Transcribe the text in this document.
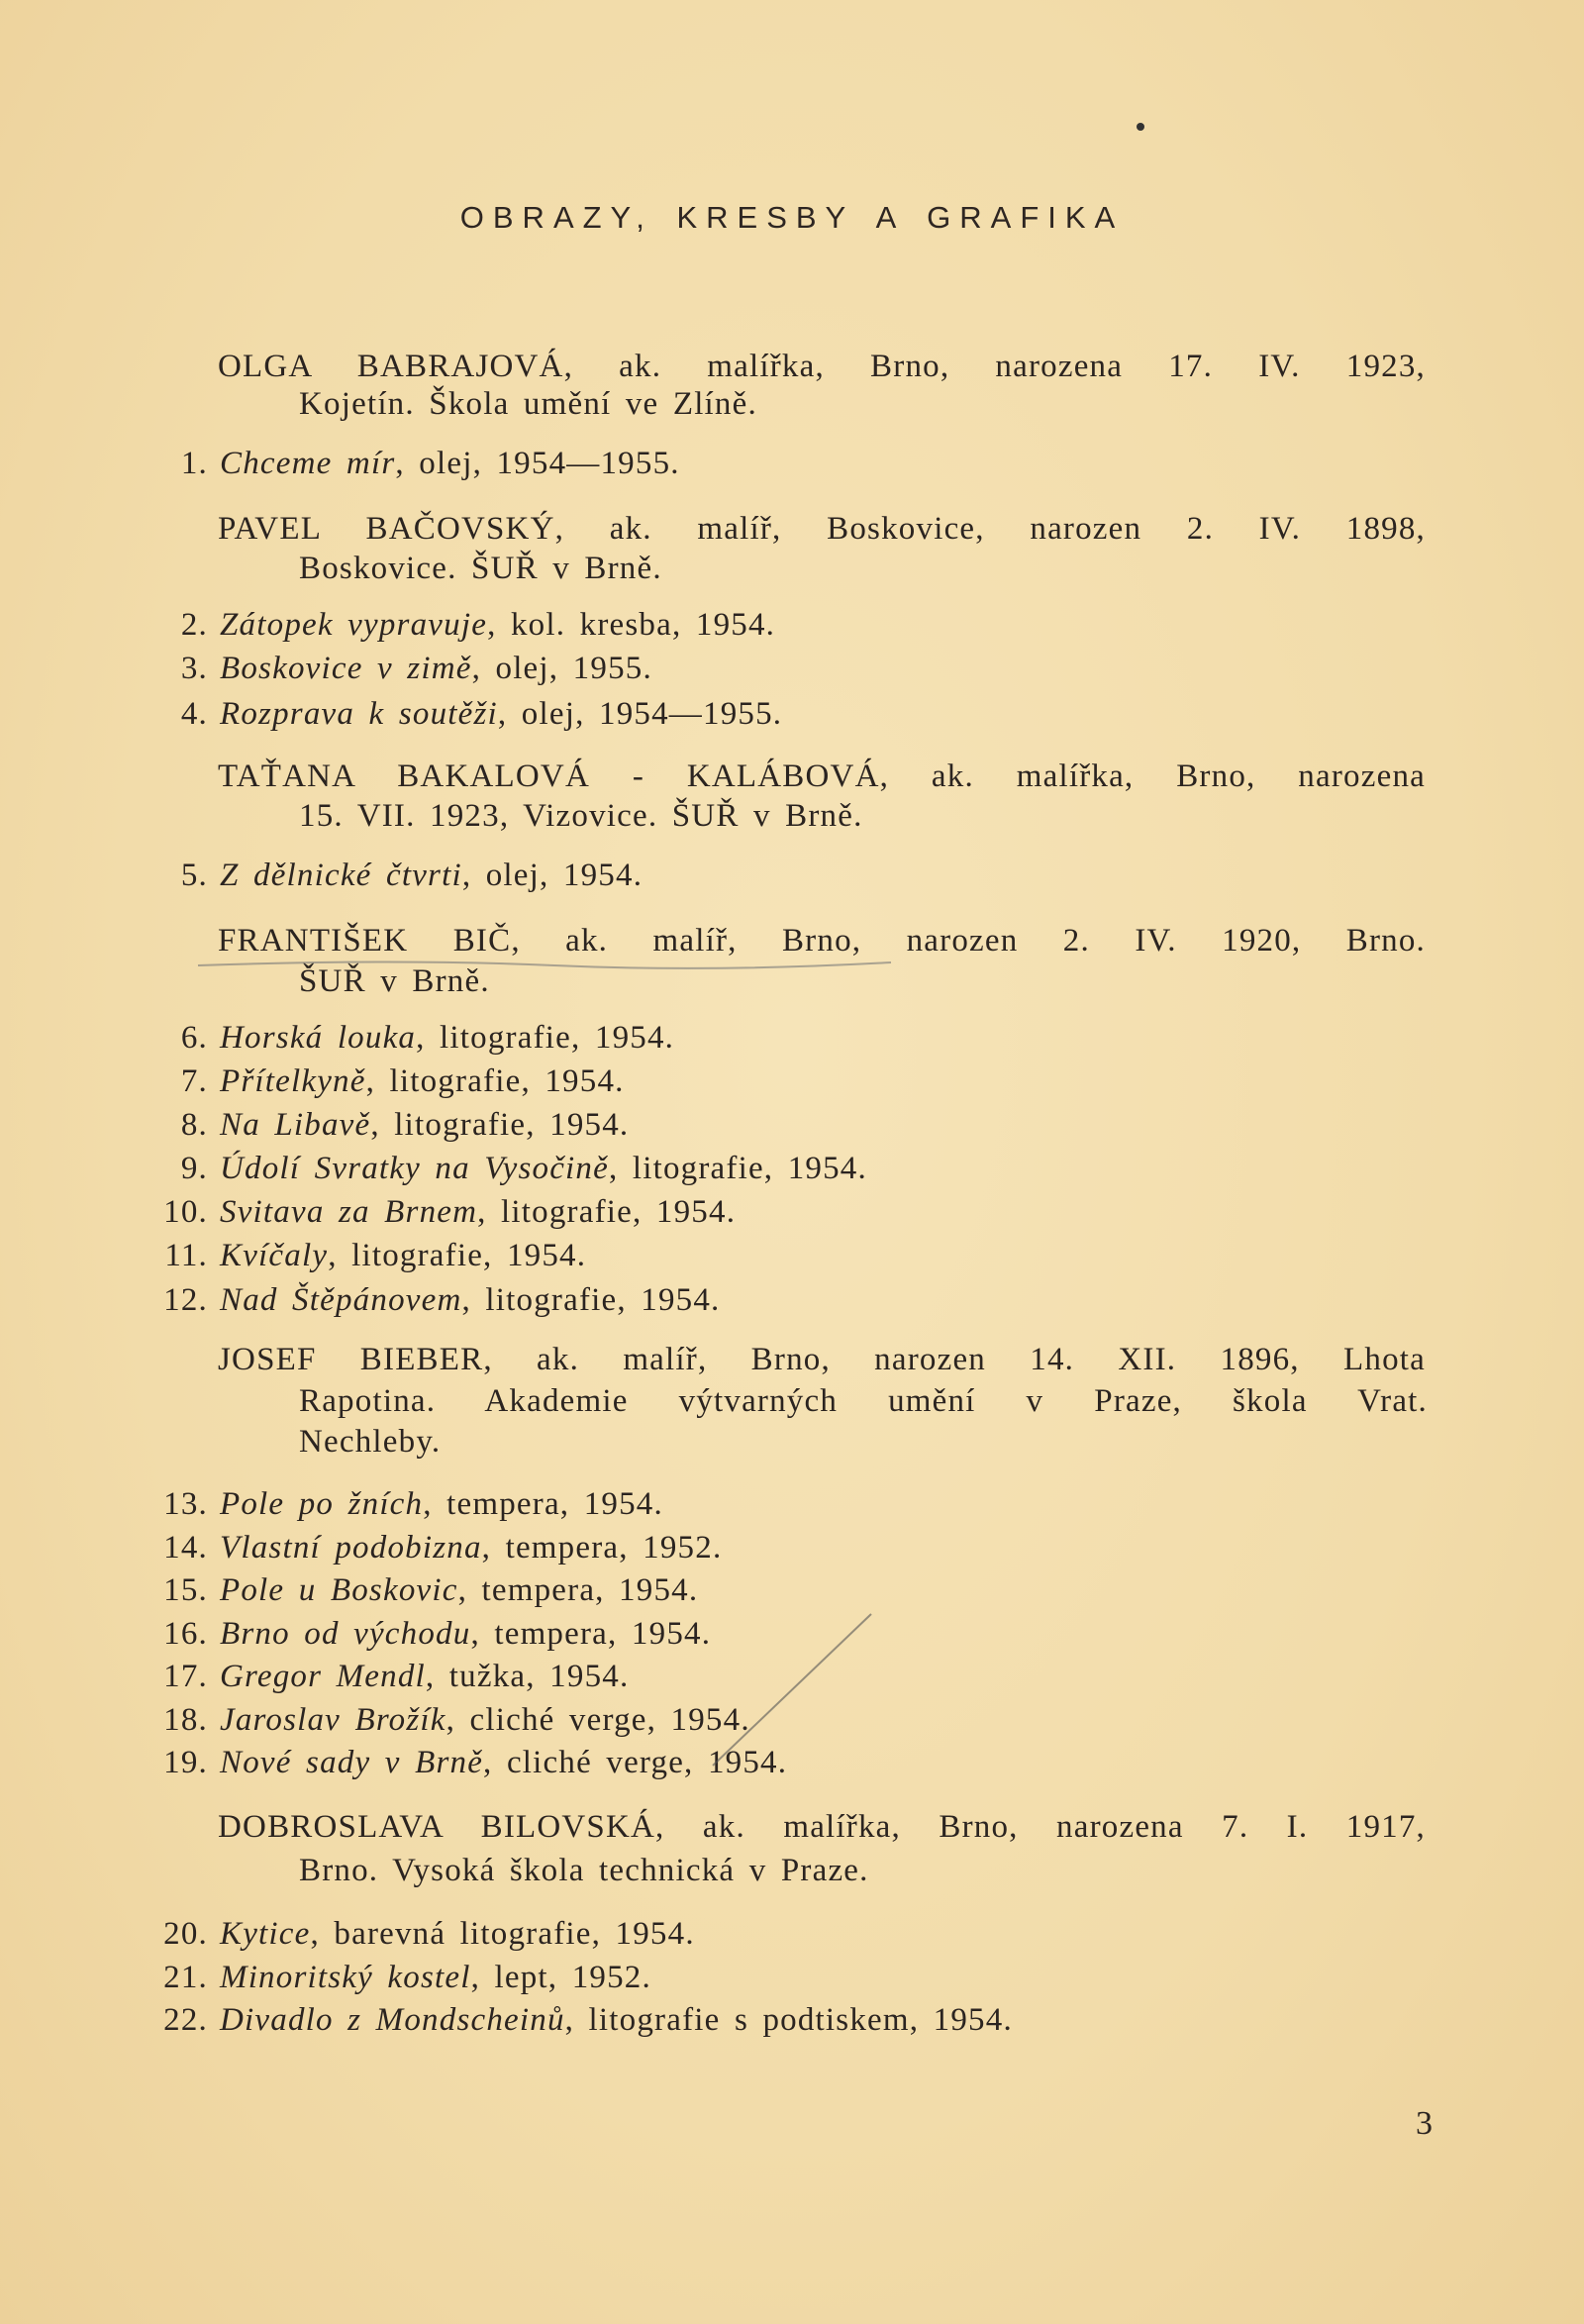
OBRAZY, KRESBY A GRAFIKA
OLGA BABRAJOVÁ, ak. malířka, Brno, narozena 17. IV. 1923,
Kojetín. Škola umění ve Zlíně.
1. Chceme mír, olej, 1954—1955.
PAVEL BAČOVSKÝ, ak. malíř, Boskovice, narozen 2. IV. 1898,
Boskovice. ŠUŘ v Brně.
2. Zátopek vypravuje, kol. kresba, 1954.
3. Boskovice v zimě, olej, 1955.
4. Rozprava k soutěži, olej, 1954—1955.
TAŤANA BAKALOVÁ - KALÁBOVÁ, ak. malířka, Brno, narozena
15. VII. 1923, Vizovice. ŠUŘ v Brně.
5. Z dělnické čtvrti, olej, 1954.
FRANTIŠEK BIČ, ak. malíř, Brno, narozen 2. IV. 1920, Brno.
ŠUŘ v Brně.
6. Horská louka, litografie, 1954.
7. Přítelkyně, litografie, 1954.
8. Na Libavě, litografie, 1954.
9. Údolí Svratky na Vysočině, litografie, 1954.
10. Svitava za Brnem, litografie, 1954.
11. Kvíčaly, litografie, 1954.
12. Nad Štěpánovem, litografie, 1954.
JOSEF BIEBER, ak. malíř, Brno, narozen 14. XII. 1896, Lhota
Rapotina. Akademie výtvarných umění v Praze, škola Vrat.
Nechleby.
13. Pole po žních, tempera, 1954.
14. Vlastní podobizna, tempera, 1952.
15. Pole u Boskovic, tempera, 1954.
16. Brno od východu, tempera, 1954.
17. Gregor Mendl, tužka, 1954.
18. Jaroslav Brožík, cliché verge, 1954.
19. Nové sady v Brně, cliché verge, 1954.
DOBROSLAVA BILOVSKÁ, ak. malířka, Brno, narozena 7. I. 1917,
Brno. Vysoká škola technická v Praze.
20. Kytice, barevná litografie, 1954.
21. Minoritský kostel, lept, 1952.
22. Divadlo z Mondscheinů, litografie s podtiskem, 1954.
3
